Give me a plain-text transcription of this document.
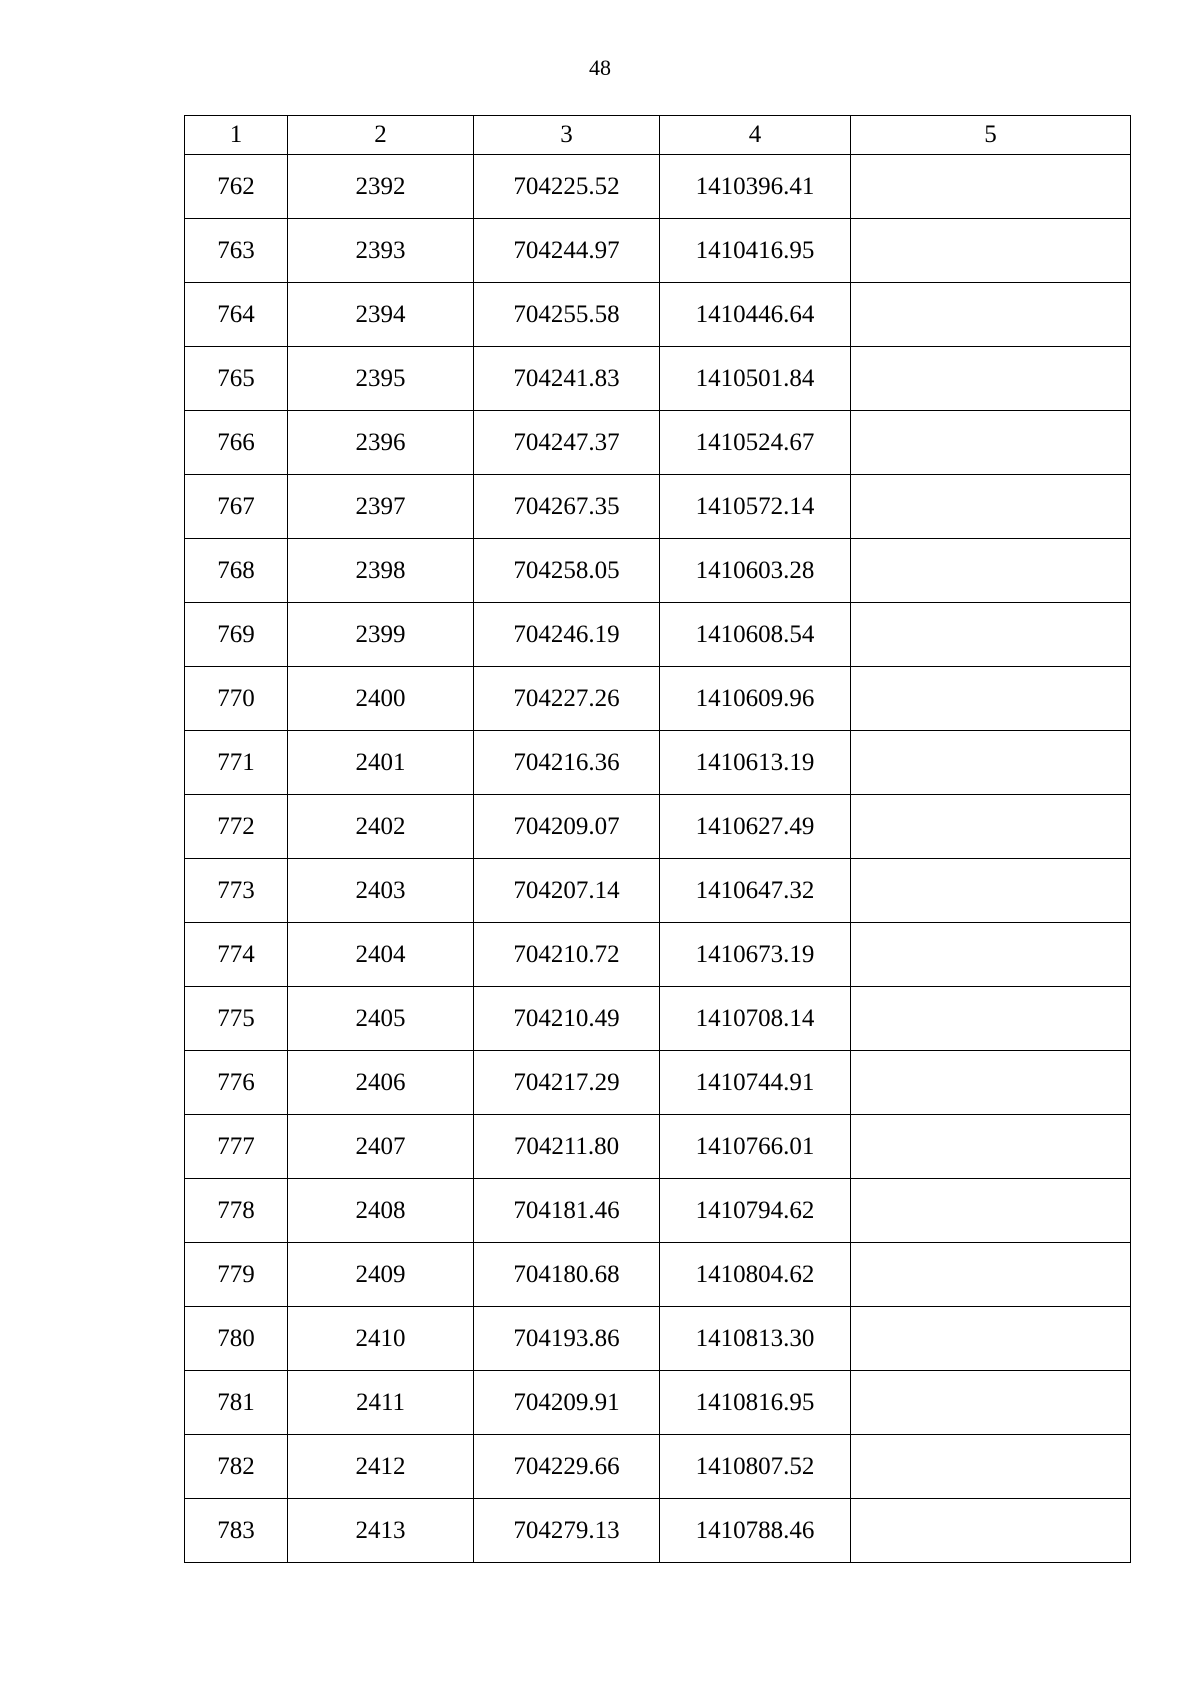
48
1	2	3	4	5
762	2392	704225.52	1410396.41	
763	2393	704244.97	1410416.95	
764	2394	704255.58	1410446.64	
765	2395	704241.83	1410501.84	
766	2396	704247.37	1410524.67	
767	2397	704267.35	1410572.14	
768	2398	704258.05	1410603.28	
769	2399	704246.19	1410608.54	
770	2400	704227.26	1410609.96	
771	2401	704216.36	1410613.19	
772	2402	704209.07	1410627.49	
773	2403	704207.14	1410647.32	
774	2404	704210.72	1410673.19	
775	2405	704210.49	1410708.14	
776	2406	704217.29	1410744.91	
777	2407	704211.80	1410766.01	
778	2408	704181.46	1410794.62	
779	2409	704180.68	1410804.62	
780	2410	704193.86	1410813.30	
781	2411	704209.91	1410816.95	
782	2412	704229.66	1410807.52	
783	2413	704279.13	1410788.46	
